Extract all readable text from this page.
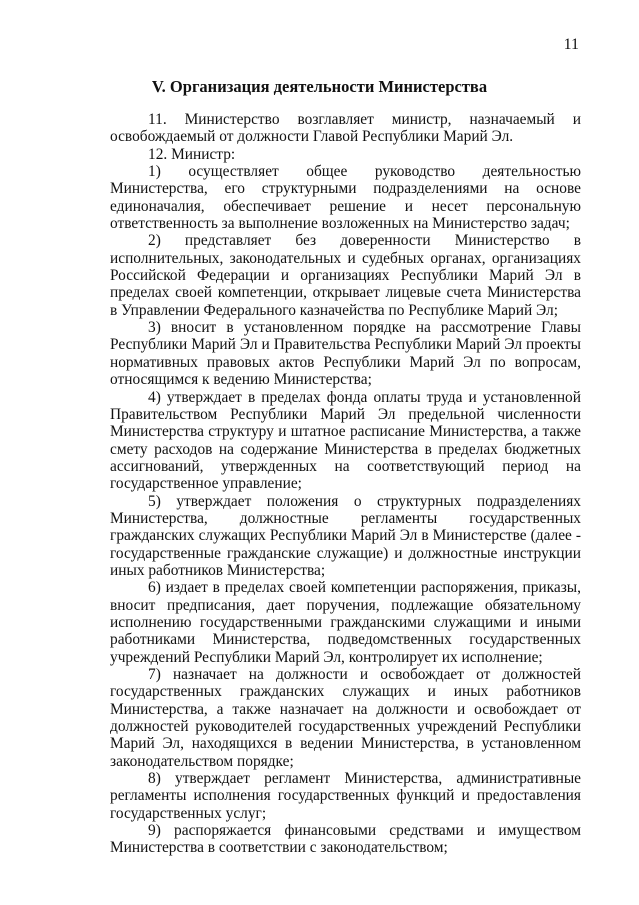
11
V. Организация деятельности Министерства

11. Министерство возглавляет министр, назначаемый и освобождаемый от должности Главой Республики Марий Эл.

12. Министр:

1) осуществляет общее руководство деятельностью Министерства, его структурными подразделениями на основе единоначалия, обеспечивает решение и несет персональную ответственность за выполнение возложенных на Министерство задач;

2) представляет без доверенности Министерство в исполнительных, законодательных и судебных органах, организациях Российской Федерации и организациях Республики Марий Эл в пределах своей компетенции, открывает лицевые счета Министерства в Управлении Федерального казначейства по Республике Марий Эл;

3) вносит в установленном порядке на рассмотрение Главы Республики Марий Эл и Правительства Республики Марий Эл проекты нормативных правовых актов Республики Марий Эл по вопросам, относящимся к ведению Министерства;

4) утверждает в пределах фонда оплаты труда и установленной Правительством Республики Марий Эл предельной численности Министерства структуру и штатное расписание Министерства, а также смету расходов на содержание Министерства в пределах бюджетных ассигнований, утвержденных на соответствующий период на государственное управление;

5) утверждает положения о структурных подразделениях Министерства, должностные регламенты государственных гражданских служащих Республики Марий Эл в Министерстве (далее - государственные гражданские служащие) и должностные инструкции иных работников Министерства;

6) издает в пределах своей компетенции распоряжения, приказы, вносит предписания, дает поручения, подлежащие обязательному исполнению государственными гражданскими служащими и иными работниками Министерства, подведомственных государственных учреждений Республики Марий Эл, контролирует их исполнение;

7) назначает на должности и освобождает от должностей государственных гражданских служащих и иных работников Министерства, а также назначает на должности и освобождает от должностей руководителей государственных учреждений Республики Марий Эл, находящихся в ведении Министерства, в установленном законодательством порядке;

8) утверждает регламент Министерства, административные регламенты исполнения государственных функций и предоставления государственных услуг;

9) распоряжается финансовыми средствами и имуществом Министерства в соответствии с законодательством;
